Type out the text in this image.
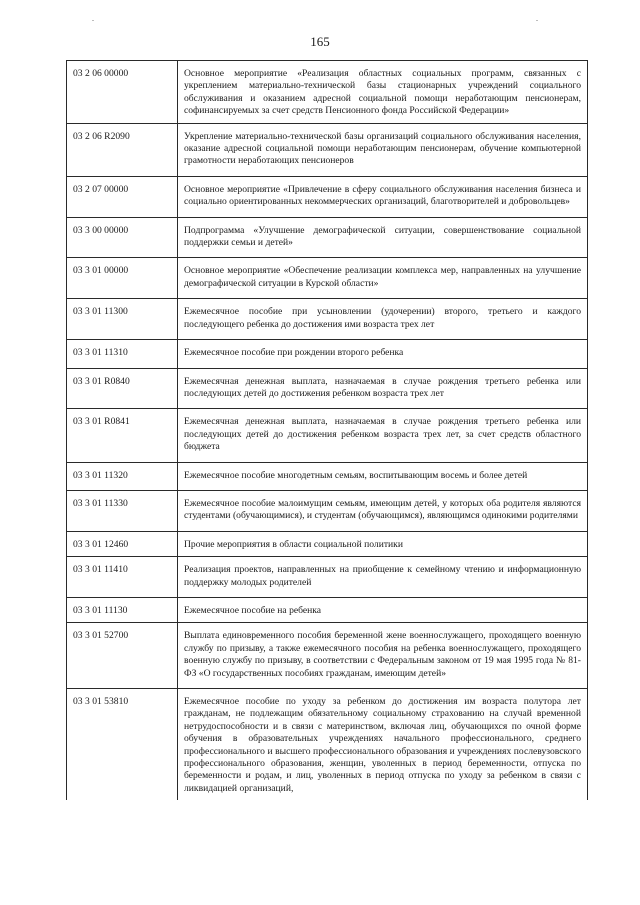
165
03 2 06 00000	Основное мероприятие «Реализация областных социальных программ, связанных с укреплением материально-технической базы стационарных учреждений социального обслуживания и оказанием адресной социальной помощи неработающим пенсионерам, софинансируемых за счет средств Пенсионного фонда Российской Федерации»
03 2 06 R2090	Укрепление материально-технической базы организаций социального обслуживания населения, оказание адресной социальной помощи неработающим пенсионерам, обучение компьютерной грамотности неработающих пенсионеров
03 2 07 00000	Основное мероприятие «Привлечение в сферу социального обслуживания населения бизнеса и социально ориентированных некоммерческих организаций, благотворителей и добровольцев»
03 3 00 00000	Подпрограмма «Улучшение демографической ситуации, совершенствование социальной поддержки семьи и детей»
03 3 01 00000	Основное мероприятие «Обеспечение реализации комплекса мер, направленных на улучшение демографической ситуации в Курской области»
03 3 01 11300	Ежемесячное пособие при усыновлении (удочерении) второго, третьего и каждого последующего ребенка до достижения ими возраста трех лет
03 3 01 11310	Ежемесячное пособие при рождении второго ребенка
03 3 01 R0840	Ежемесячная денежная выплата, назначаемая в случае рождения третьего ребенка или последующих детей до достижения ребенком возраста трех лет
03 3 01 R0841	Ежемесячная денежная выплата, назначаемая в случае рождения третьего ребенка или последующих детей до достижения ребенком возраста трех лет, за счет средств областного бюджета
03 3 01 11320	Ежемесячное пособие многодетным семьям, воспитывающим восемь и более детей
03 3 01 11330	Ежемесячное пособие малоимущим семьям, имеющим детей, у которых оба родителя являются студентами (обучающимися), и студентам (обучающимся), являющимся одинокими родителями
03 3 01 12460	Прочие мероприятия в области социальной политики
03 3 01 11410	Реализация проектов, направленных на приобщение к семейному чтению и информационную поддержку молодых родителей
03 3 01 11130	Ежемесячное пособие на ребенка
03 3 01 52700	Выплата единовременного пособия беременной жене военнослужащего, проходящего военную службу по призыву, а также ежемесячного пособия на ребенка военнослужащего, проходящего военную службу по призыву, в соответствии с Федеральным законом от 19 мая 1995 года № 81-ФЗ «О государственных пособиях гражданам, имеющим детей»
03 3 01 53810	Ежемесячное пособие по уходу за ребенком до достижения им возраста полутора лет гражданам, не подлежащим обязательному социальному страхованию на случай временной нетрудоспособности и в связи с материнством, включая лиц, обучающихся по очной форме обучения в образовательных учреждениях начального профессионального, среднего профессионального и высшего профессионального образования и учреждениях послевузовского профессионального образования, женщин, уволенных в период беременности, отпуска по беременности и родам, и лиц, уволенных в период отпуска по уходу за ребенком в связи с ликвидацией организаций,
